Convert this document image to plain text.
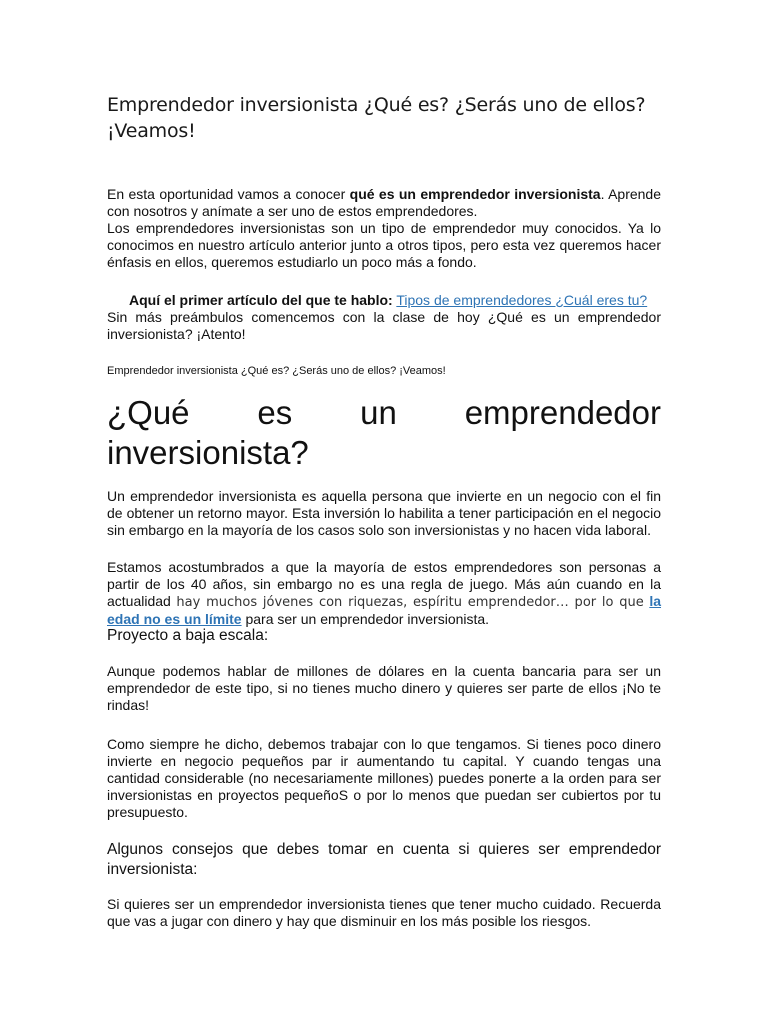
Emprendedor inversionista ¿Qué es? ¿Serás uno de ellos? ¡Veamos!

En esta oportunidad vamos a conocer qué es un emprendedor inversionista. Aprende con nosotros y anímate a ser uno de estos emprendedores.
Los emprendedores inversionistas son un tipo de emprendedor muy conocidos. Ya lo conocimos en nuestro artículo anterior junto a otros tipos, pero esta vez queremos hacer énfasis en ellos, queremos estudiarlo un poco más a fondo.

Aquí el primer artículo del que te hablo: Tipos de emprendedores ¿Cuál eres tu?
Sin más preámbulos comencemos con la clase de hoy ¿Qué es un emprendedor inversionista? ¡Atento!

Emprendedor inversionista ¿Qué es? ¿Serás uno de ellos? ¡Veamos!

¿Qué es un emprendedor
inversionista?

Un emprendedor inversionista es aquella persona que invierte en un negocio con el fin de obtener un retorno mayor. Esta inversión lo habilita a tener participación en el negocio sin embargo en la mayoría de los casos solo son inversionistas y no hacen vida laboral.

Estamos acostumbrados a que la mayoría de estos emprendedores son personas a partir de los 40 años, sin embargo no es una regla de juego. Más aún cuando en la actualidad hay muchos jóvenes con riquezas, espíritu emprendedor… por lo que la edad no es un límite para ser un emprendedor inversionista.

Proyecto a baja escala:

Aunque podemos hablar de millones de dólares en la cuenta bancaria para ser un emprendedor de este tipo, si no tienes mucho dinero y quieres ser parte de ellos ¡No te rindas!

Como siempre he dicho, debemos trabajar con lo que tengamos. Si tienes poco dinero invierte en negocio pequeños par ir aumentando tu capital. Y cuando tengas una cantidad considerable (no necesariamente millones) puedes ponerte a la orden para ser inversionistas en proyectos pequeñoS o por lo menos que puedan ser cubiertos por tu presupuesto.

Algunos consejos que debes tomar en cuenta si quieres ser emprendedor inversionista:

Si quieres ser un emprendedor inversionista tienes que tener mucho cuidado. Recuerda que vas a jugar con dinero y hay que disminuir en los más posible los riesgos.
